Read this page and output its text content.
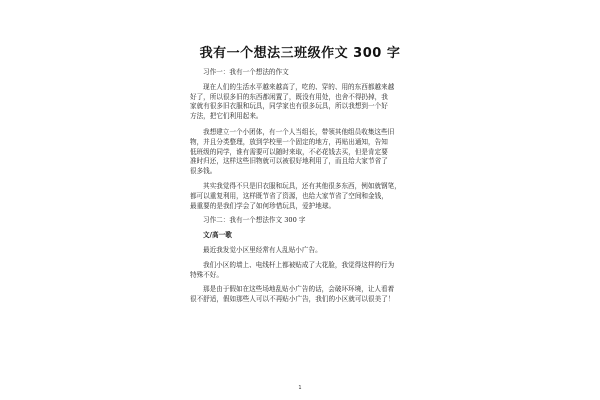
我有一个想法三班级作文 300 字
习作一：我有一个想法的作文
现在人们的生活水平越来越高了，吃的、穿的、用的东西都越来越
好了，所以很多旧的东西都闲置了，既没有用处，也舍不得扔掉，我
家就有很多旧衣服和玩具，同学家也有很多玩具，所以我想到一个好
方法，把它们利用起来。
我想建立一个小团体，有一个人当组长，带领其他组员收集这些旧
物，并且分类整理，放到学校里一个固定的地方，再贴出通知，告知
低班级的同学，谁有需要可以随时来取，不必花钱去买，但是肯定要
准时归还，这样这些旧物就可以被很好地利用了，而且给大家节省了
很多钱。
其实我觉得不只是旧衣服和玩具，还有其他很多东西，例如就钢笔，
都可以重复利用，这样既节省了资源，也给大家节省了空间和金钱，
最重要的是我们学会了如何珍惜玩具，爱护地球。
习作二：我有一个想法作文 300 字
文/高一歌
最近我发觉小区里经常有人乱贴小广告。
我们小区的墙上、电线杆上都被贴成了大花脸，我觉得这样的行为
特殊不好。
那是由于假如在这些场地乱贴小广告的话，会破坏环境，让人看着
很不舒适，假如那些人可以不再贴小广告，我们的小区就可以很美了！
1
